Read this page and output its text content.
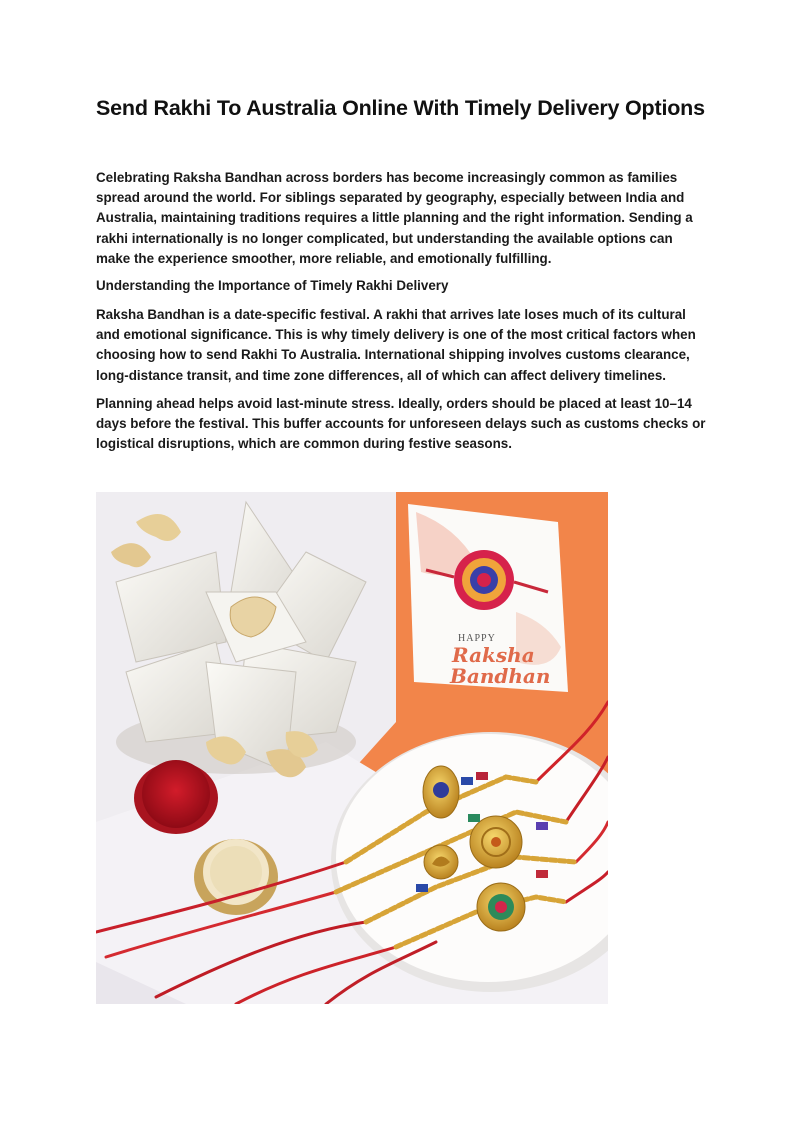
Send Rakhi To Australia Online With Timely Delivery Options

Celebrating Raksha Bandhan across borders has become increasingly common as families spread around the world. For siblings separated by geography, especially between India and Australia, maintaining traditions requires a little planning and the right information. Sending a rakhi internationally is no longer complicated, but understanding the available options can make the experience smoother, more reliable, and emotionally fulfilling.

Understanding the Importance of Timely Rakhi Delivery

Raksha Bandhan is a date-specific festival. A rakhi that arrives late loses much of its cultural and emotional significance. This is why timely delivery is one of the most critical factors when choosing how to send Rakhi To Australia. International shipping involves customs clearance, long-distance transit, and time zone differences, all of which can affect delivery timelines.

Planning ahead helps avoid last-minute stress. Ideally, orders should be placed at least 10–14 days before the festival. This buffer accounts for unforeseen delays such as customs checks or logistical disruptions, which are common during festive seasons.

HAPPY
Raksha
Bandhan
